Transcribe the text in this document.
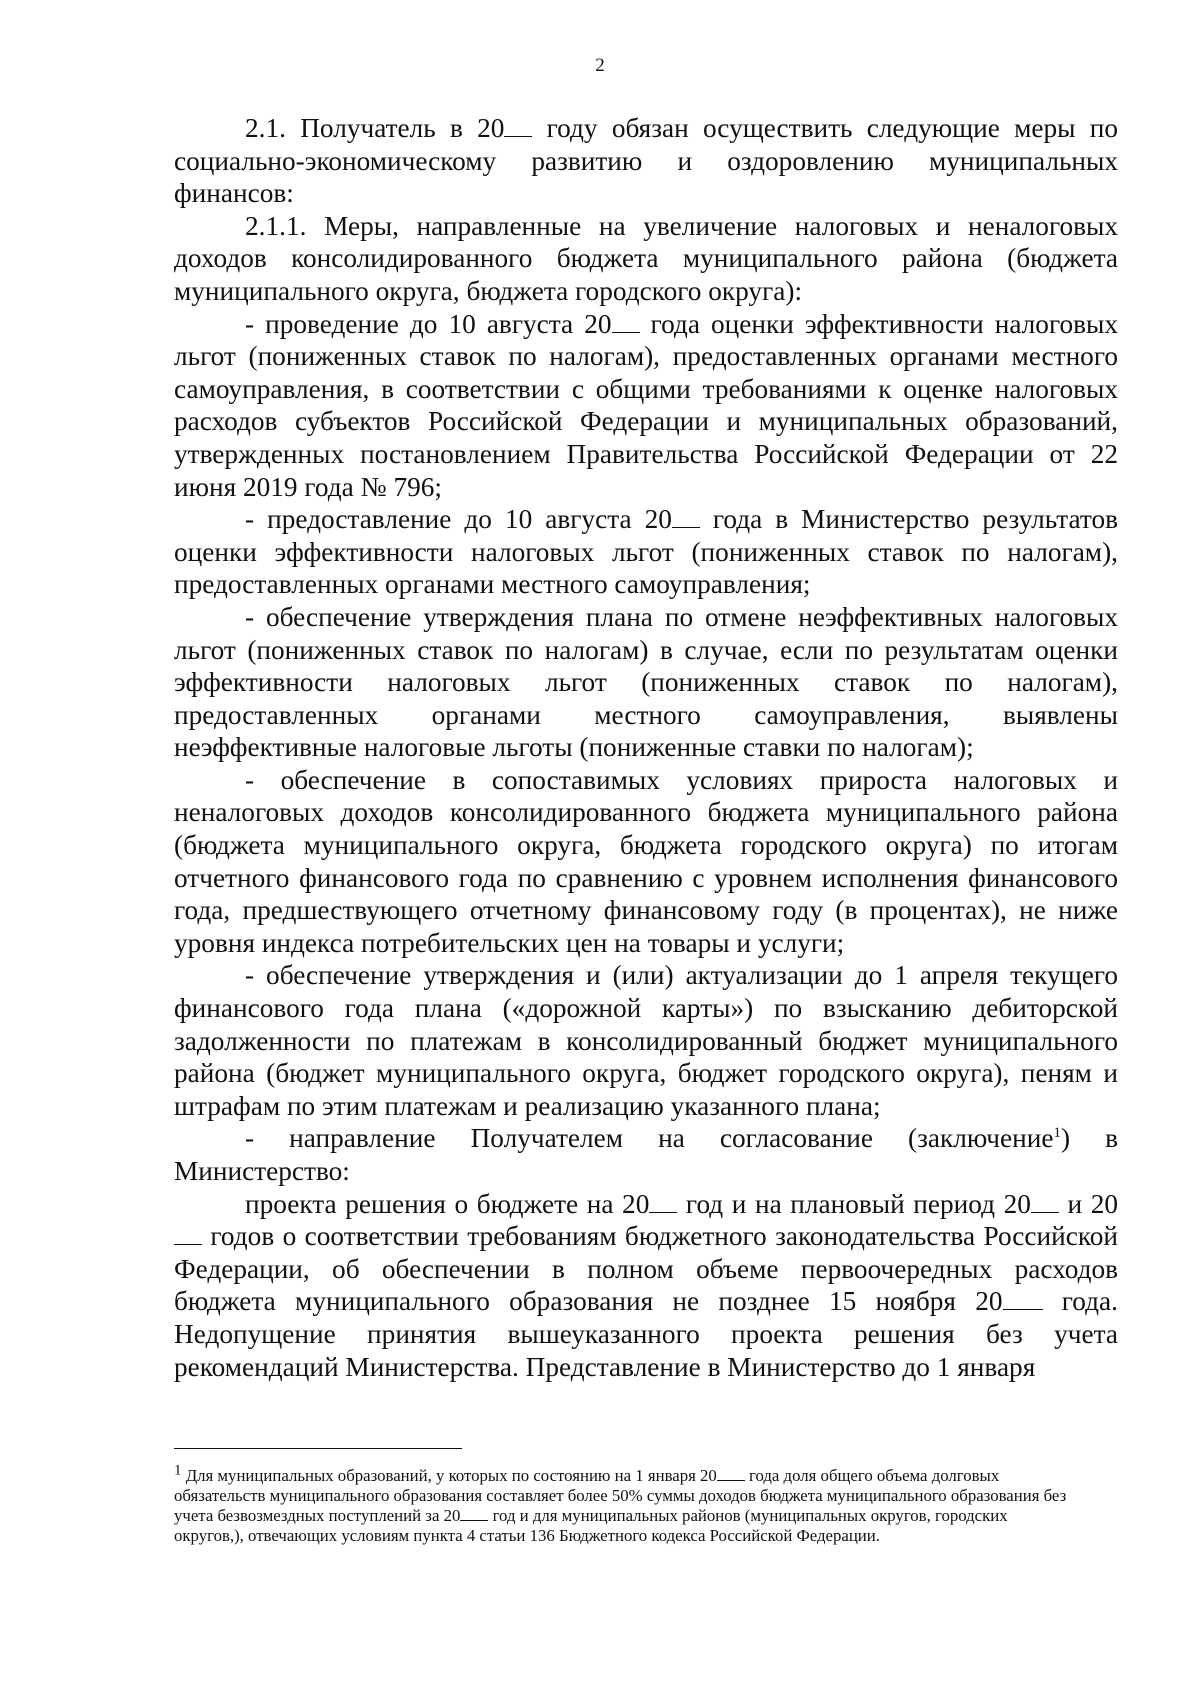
2

2.1. Получатель в 20 году обязан осуществить следующие меры по социально-экономическому развитию и оздоровлению муниципальных финансов:

2.1.1. Меры, направленные на увеличение налоговых и неналоговых доходов консолидированного бюджета муниципального района (бюджета муниципального округа, бюджета городского округа):

- проведение до 10 августа 20 года оценки эффективности налоговых льгот (пониженных ставок по налогам), предоставленных органами местного самоуправления, в соответствии с общими требованиями к оценке налоговых расходов субъектов Российской Федерации и муниципальных образований, утвержденных постановлением Правительства Российской Федерации от 22 июня 2019 года № 796;

- предоставление до 10 августа 20 года в Министерство результатов оценки эффективности налоговых льгот (пониженных ставок по налогам), предоставленных органами местного самоуправления;

- обеспечение утверждения плана по отмене неэффективных налоговых льгот (пониженных ставок по налогам) в случае, если по результатам оценки эффективности налоговых льгот (пониженных ставок по налогам), предоставленных органами местного самоуправления, выявлены неэффективные налоговые льготы (пониженные ставки по налогам);

- обеспечение в сопоставимых условиях прироста налоговых и неналоговых доходов консолидированного бюджета муниципального района (бюджета муниципального округа, бюджета городского округа) по итогам отчетного финансового года по сравнению с уровнем исполнения финансового года, предшествующего отчетному финансовому году (в процентах), не ниже уровня индекса потребительских цен на товары и услуги;

- обеспечение утверждения и (или) актуализации до 1 апреля текущего финансового года плана («дорожной карты») по взысканию дебиторской задолженности по платежам в консолидированный бюджет муниципального района (бюджет муниципального округа, бюджет городского округа), пеням и штрафам по этим платежам и реализацию указанного плана;

- направление Получателем на согласование (заключение$^1$) в Министерство:

проекта решения о бюджете на 20 год и на плановый период 20 и 20 годов о соответствии требованиям бюджетного законодательства Российской Федерации, об обеспечении в полном объеме первоочередных расходов бюджета муниципального образования не позднее 15 ноября 20 года. Недопущение принятия вышеуказанного проекта решения без учета рекомендаций Министерства. Представление в Министерство до 1 января

$^1$ Для муниципальных образований, у которых по состоянию на 1 января 20 года доля общего объема долговых обязательств муниципального образования составляет более 50% суммы доходов бюджета муниципального образования без учета безвозмездных поступлений за 20 год и для муниципальных районов (муниципальных округов, городских округов,), отвечающих условиям пункта 4 статьи 136 Бюджетного кодекса Российской Федерации.
